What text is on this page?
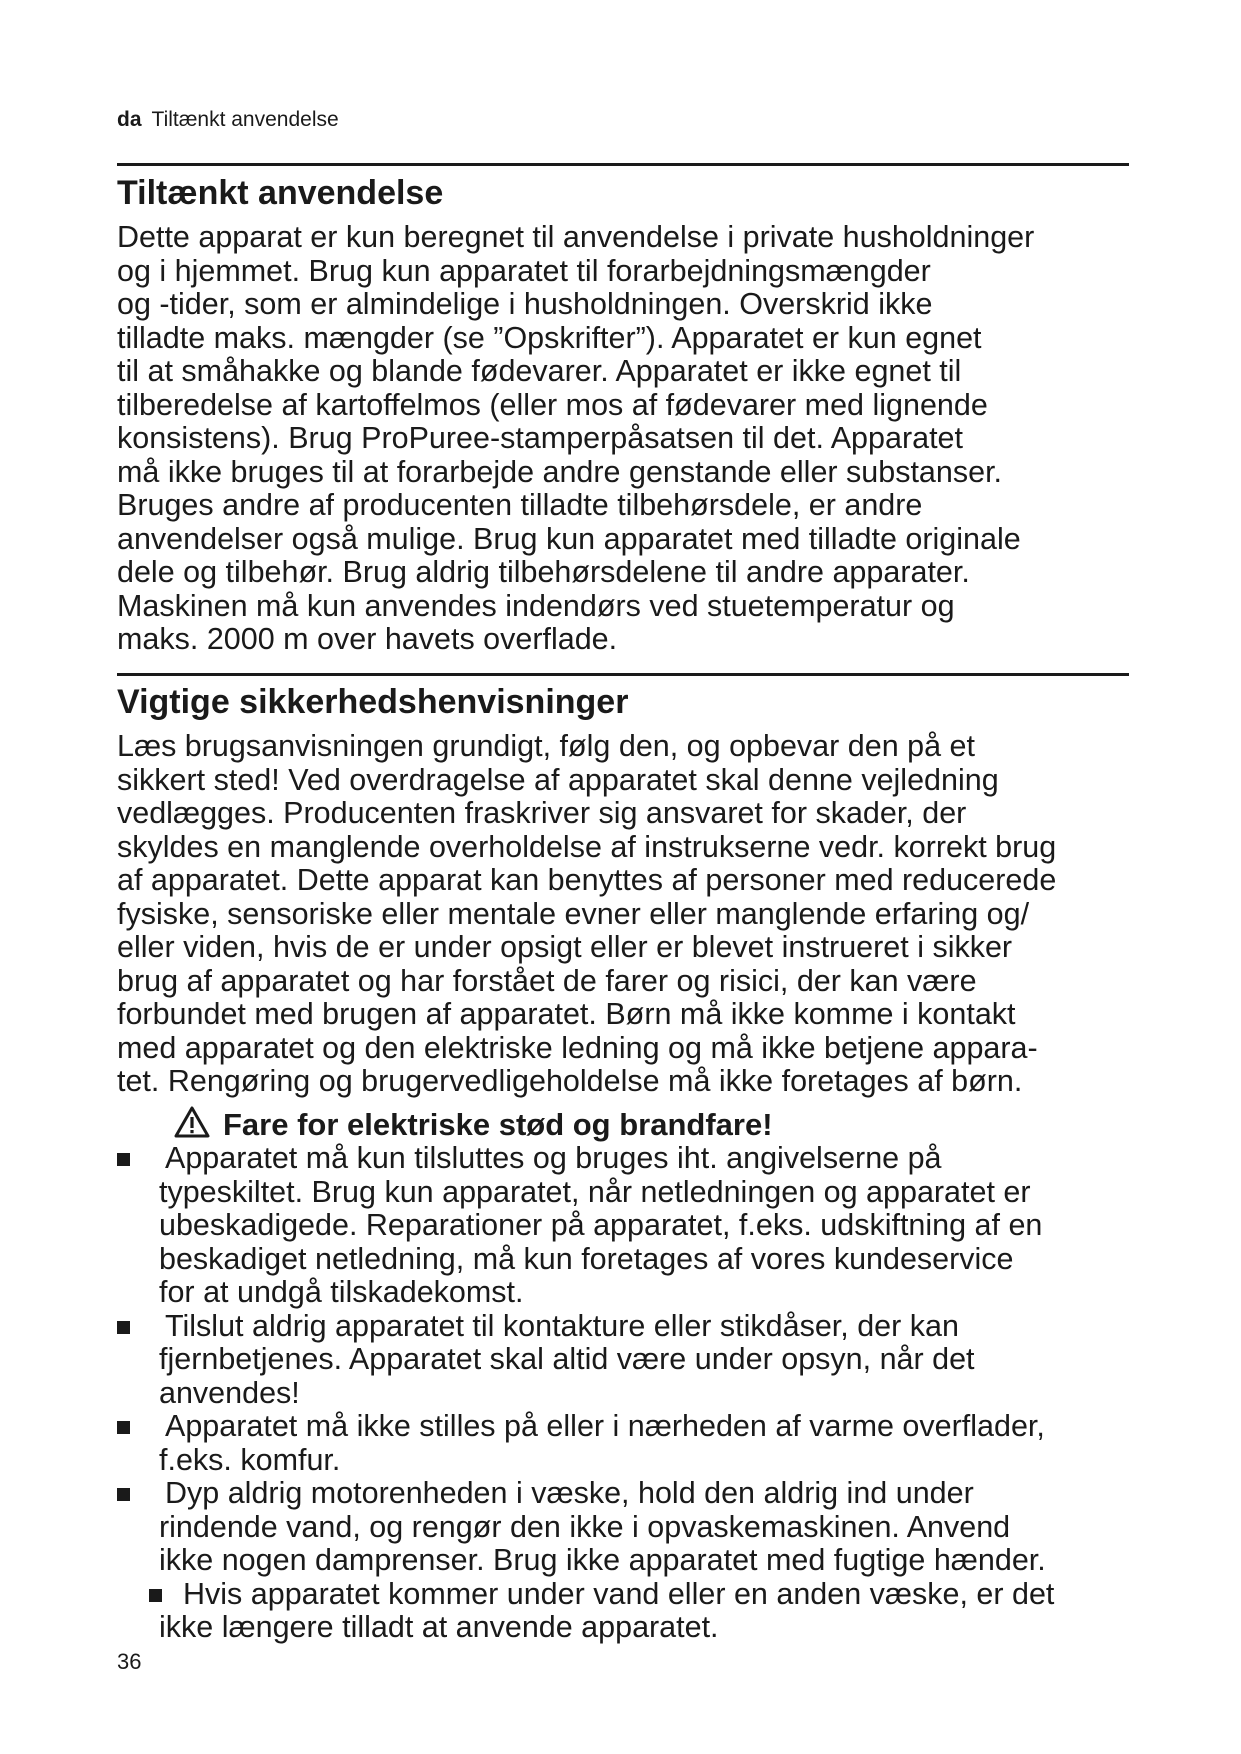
da Tiltænkt anvendelse
Tiltænkt anvendelse

Dette apparat er kun beregnet til anvendelse i private husholdninger
og i hjemmet. Brug kun apparatet til forarbejdningsmængder
og -tider, som er almindelige i husholdningen. Overskrid ikke
tilladte maks. mængder (se ”Opskrifter”). Apparatet er kun egnet
til at småhakke og blande fødevarer. Apparatet er ikke egnet til
tilberedelse af kartoffelmos (eller mos af fødevarer med lignende
konsistens). Brug ProPuree-stamperpåsatsen til det. Apparatet
må ikke bruges til at forarbejde andre genstande eller substanser.
Bruges andre af producenten tilladte tilbehørsdele, er andre
anvendelser også mulige. Brug kun apparatet med tilladte originale
dele og tilbehør. Brug aldrig tilbehørsdelene til andre apparater.
Maskinen må kun anvendes indendørs ved stuetemperatur og
maks. 2000 m over havets overflade.

Vigtige sikkerhedshenvisninger

Læs brugsanvisningen grundigt, følg den, og opbevar den på et
sikkert sted! Ved overdragelse af apparatet skal denne vejledning
vedlægges. Producenten fraskriver sig ansvaret for skader, der
skyldes en manglende overholdelse af instrukserne vedr. korrekt brug
af apparatet. Dette apparat kan benyttes af personer med reducerede
fysiske, sensoriske eller mentale evner eller manglende erfaring og/
eller viden, hvis de er under opsigt eller er blevet instrueret i sikker
brug af apparatet og har forstået de farer og risici, der kan være
forbundet med brugen af apparatet. Børn må ikke komme i kontakt
med apparatet og den elektriske ledning og må ikke betjene appara-
tet. Rengøring og brugervedligeholdelse må ikke foretages af børn.

Fare for elektriske stød og brandfare!
Apparatet må kun tilsluttes og bruges iht. angivelserne på
typeskiltet. Brug kun apparatet, når netledningen og apparatet er
ubeskadigede. Reparationer på apparatet, f.eks. udskiftning af en
beskadiget netledning, må kun foretages af vores kundeservice
for at undgå tilskadekomst.
Tilslut aldrig apparatet til kontakture eller stikdåser, der kan
fjernbetjenes. Apparatet skal altid være under opsyn, når det
anvendes!
Apparatet må ikke stilles på eller i nærheden af varme overflader,
f.eks. komfur.
Dyp aldrig motorenheden i væske, hold den aldrig ind under
rindende vand, og rengør den ikke i opvaskemaskinen. Anvend
ikke nogen damprenser. Brug ikke apparatet med fugtige hænder.
Hvis apparatet kommer under vand eller en anden væske, er det
ikke længere tilladt at anvende apparatet.
36
